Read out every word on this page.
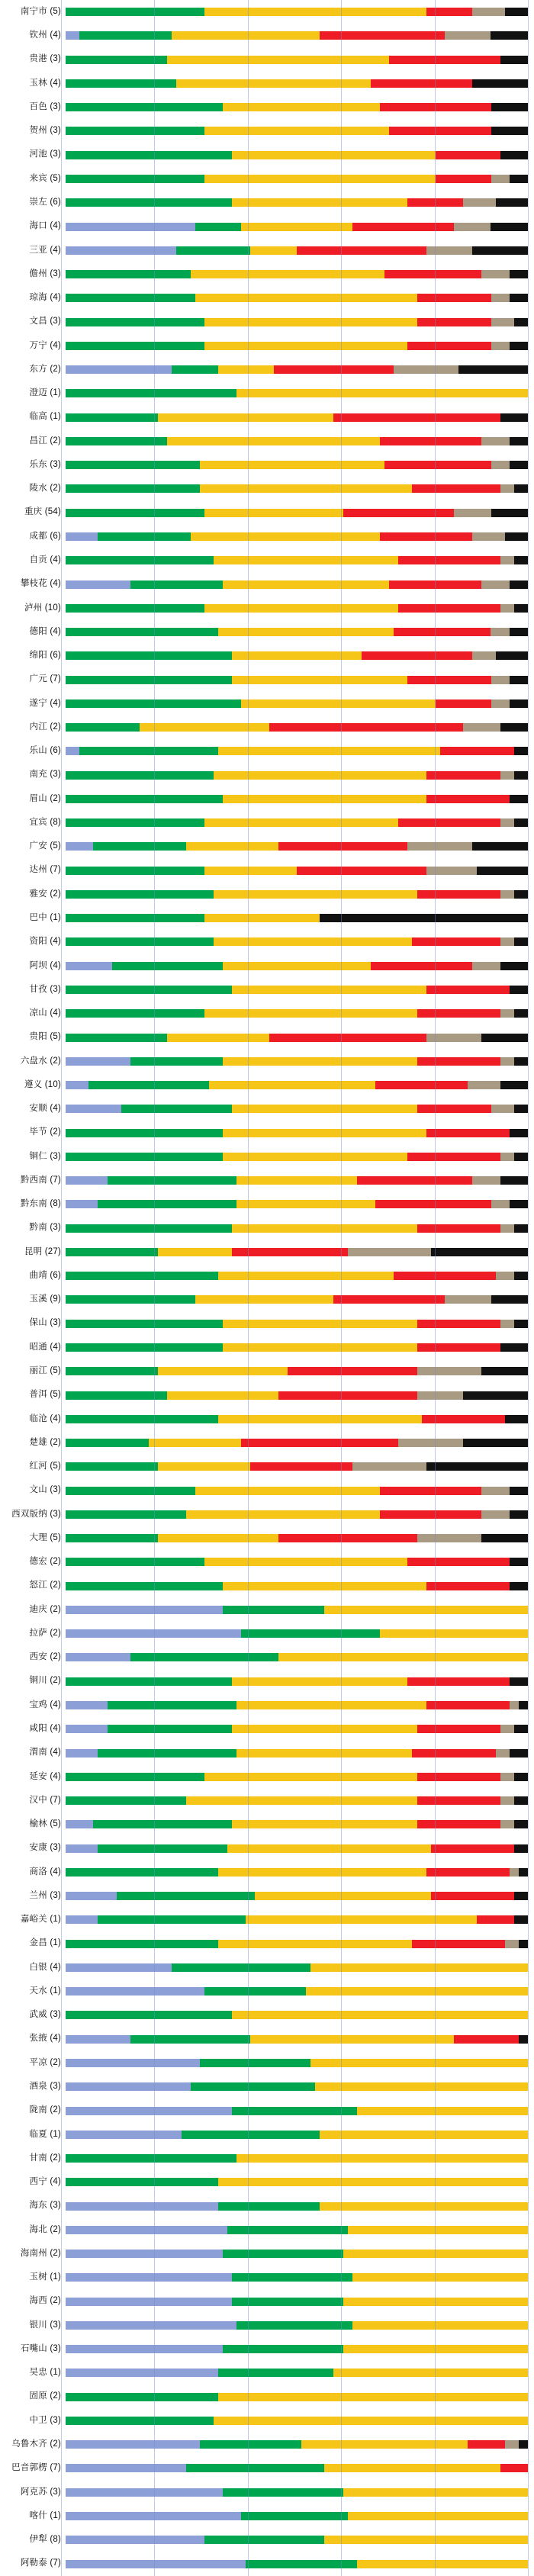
南宁市 (5)
钦州 (4)
贵港 (3)
玉林 (4)
百色 (3)
贺州 (3)
河池 (3)
来宾 (5)
崇左 (6)
海口 (4)
三亚 (4)
儋州 (3)
琼海 (4)
文昌 (3)
万宁 (4)
东方 (2)
澄迈 (1)
临高 (1)
昌江 (2)
乐东 (3)
陵水 (2)
重庆 (54)
成都 (6)
自贡 (4)
攀枝花 (4)
泸州 (10)
德阳 (4)
绵阳 (6)
广元 (7)
遂宁 (4)
内江 (2)
乐山 (6)
南充 (3)
眉山 (2)
宜宾 (8)
广安 (5)
达州 (7)
雅安 (2)
巴中 (1)
资阳 (4)
阿坝 (4)
甘孜 (3)
凉山 (4)
贵阳 (5)
六盘水 (2)
遵义 (10)
安顺 (4)
毕节 (2)
铜仁 (3)
黔西南 (7)
黔东南 (8)
黔南 (3)
昆明 (27)
曲靖 (6)
玉溪 (9)
保山 (3)
昭通 (4)
丽江 (5)
普洱 (5)
临沧 (4)
楚雄 (2)
红河 (5)
文山 (3)
西双版纳 (3)
大理 (5)
德宏 (2)
怒江 (2)
迪庆 (2)
拉萨 (2)
西安 (2)
铜川 (2)
宝鸡 (4)
咸阳 (4)
渭南 (4)
延安 (4)
汉中 (7)
榆林 (5)
安康 (3)
商洛 (4)
兰州 (3)
嘉峪关 (1)
金昌 (1)
白银 (4)
天水 (1)
武威 (3)
张掖 (4)
平凉 (2)
酒泉 (3)
陇南 (2)
临夏 (1)
甘南 (2)
西宁 (4)
海东 (3)
海北 (2)
海南州 (2)
玉树 (1)
海西 (2)
银川 (3)
石嘴山 (3)
吴忠 (1)
固原 (2)
中卫 (3)
乌鲁木齐 (2)
巴音郭楞 (7)
阿克苏 (3)
喀什 (1)
伊犁 (8)
阿勒泰 (7)
